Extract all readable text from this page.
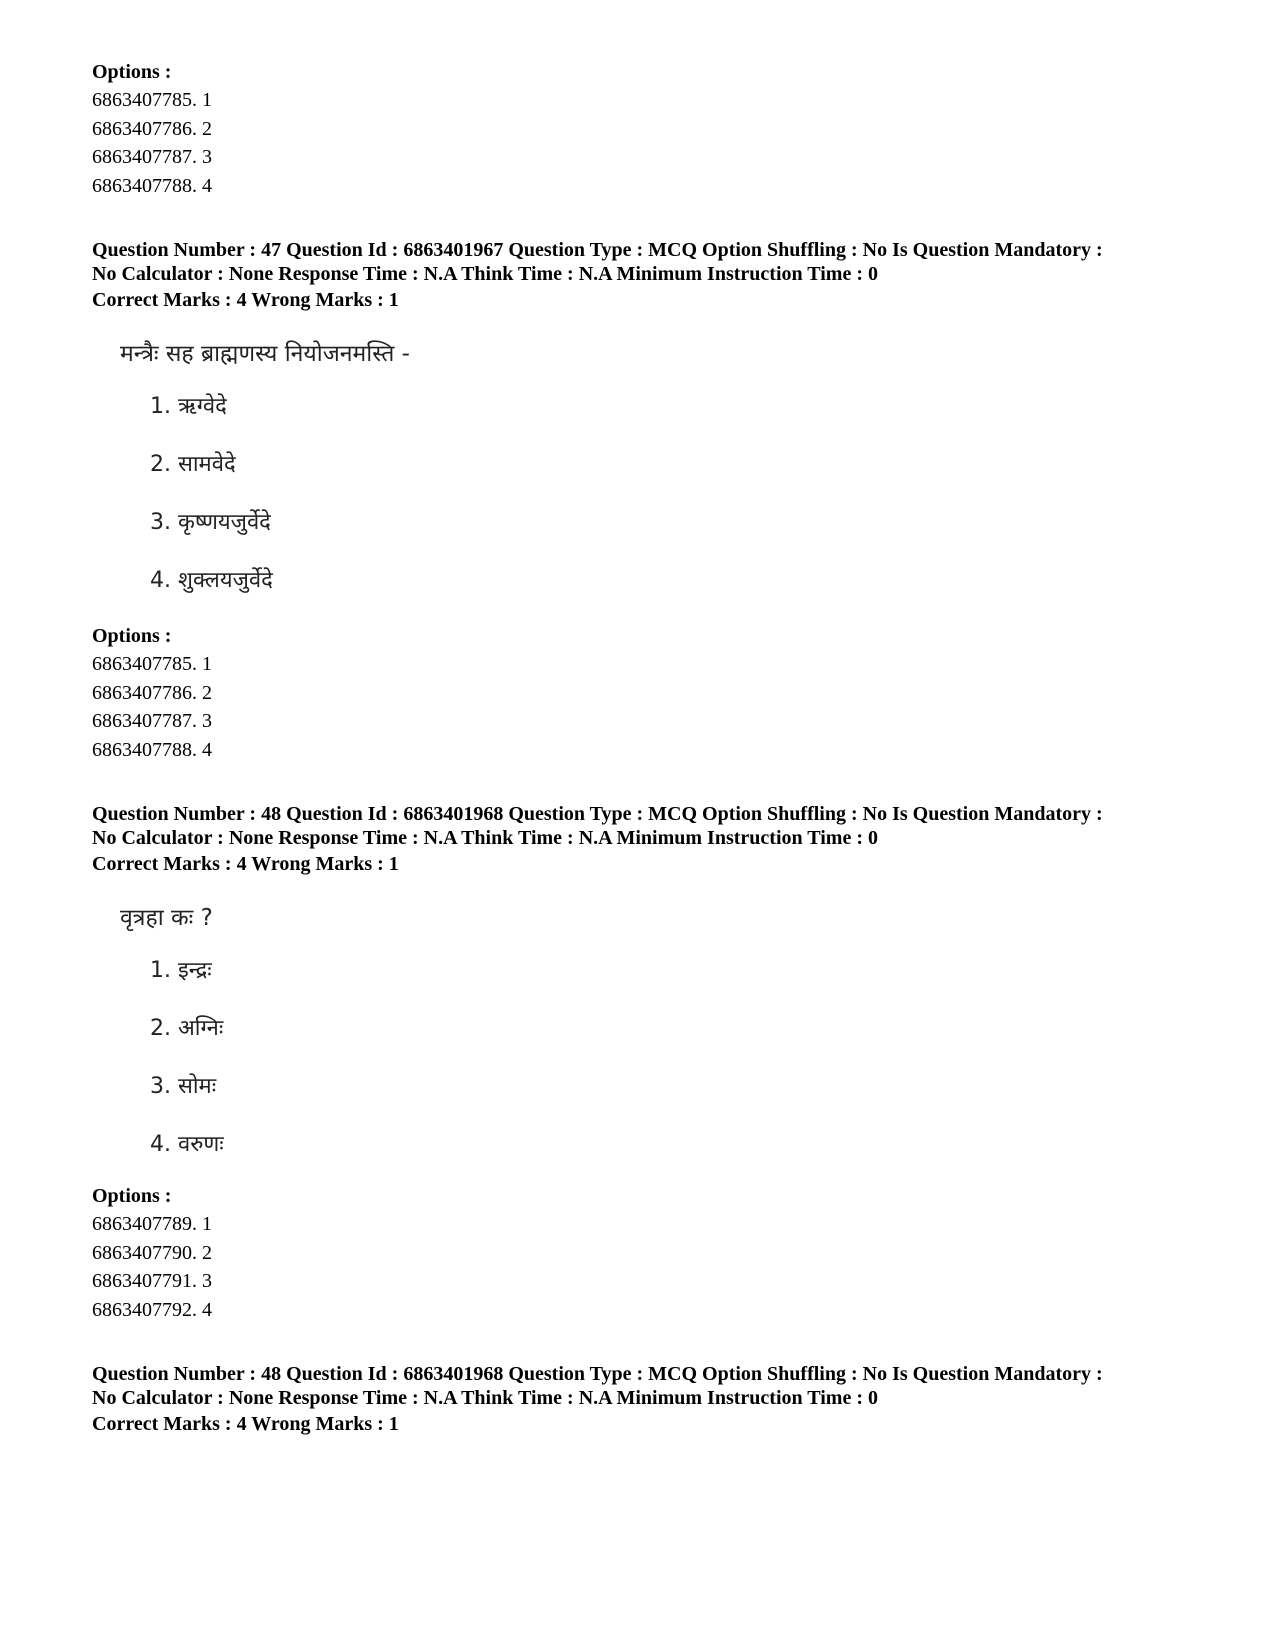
Options :

6863407785. 1

6863407786. 2

6863407787. 3

6863407788. 4

Question Number : 47 Question Id : 6863401967 Question Type : MCQ Option Shuffling : No Is Question Mandatory :

No Calculator : None Response Time : N.A Think Time : N.A Minimum Instruction Time : 0

Correct Marks : 4 Wrong Marks : 1

मन्त्रैः सह ब्राह्मणस्य नियोजनमस्ति -

1. ऋग्वेदे

2. सामवेदे

3. कृष्णयजुर्वेदे

4. शुक्लयजुर्वेदे

Options :

6863407785. 1

6863407786. 2

6863407787. 3

6863407788. 4

Question Number : 48 Question Id : 6863401968 Question Type : MCQ Option Shuffling : No Is Question Mandatory :

No Calculator : None Response Time : N.A Think Time : N.A Minimum Instruction Time : 0

Correct Marks : 4 Wrong Marks : 1

वृत्रहा कः ?

1. इन्द्रः

2. अग्निः

3. सोमः

4. वरुणः

Options :

6863407789. 1

6863407790. 2

6863407791. 3

6863407792. 4

Question Number : 48 Question Id : 6863401968 Question Type : MCQ Option Shuffling : No Is Question Mandatory :

No Calculator : None Response Time : N.A Think Time : N.A Minimum Instruction Time : 0

Correct Marks : 4 Wrong Marks : 1
